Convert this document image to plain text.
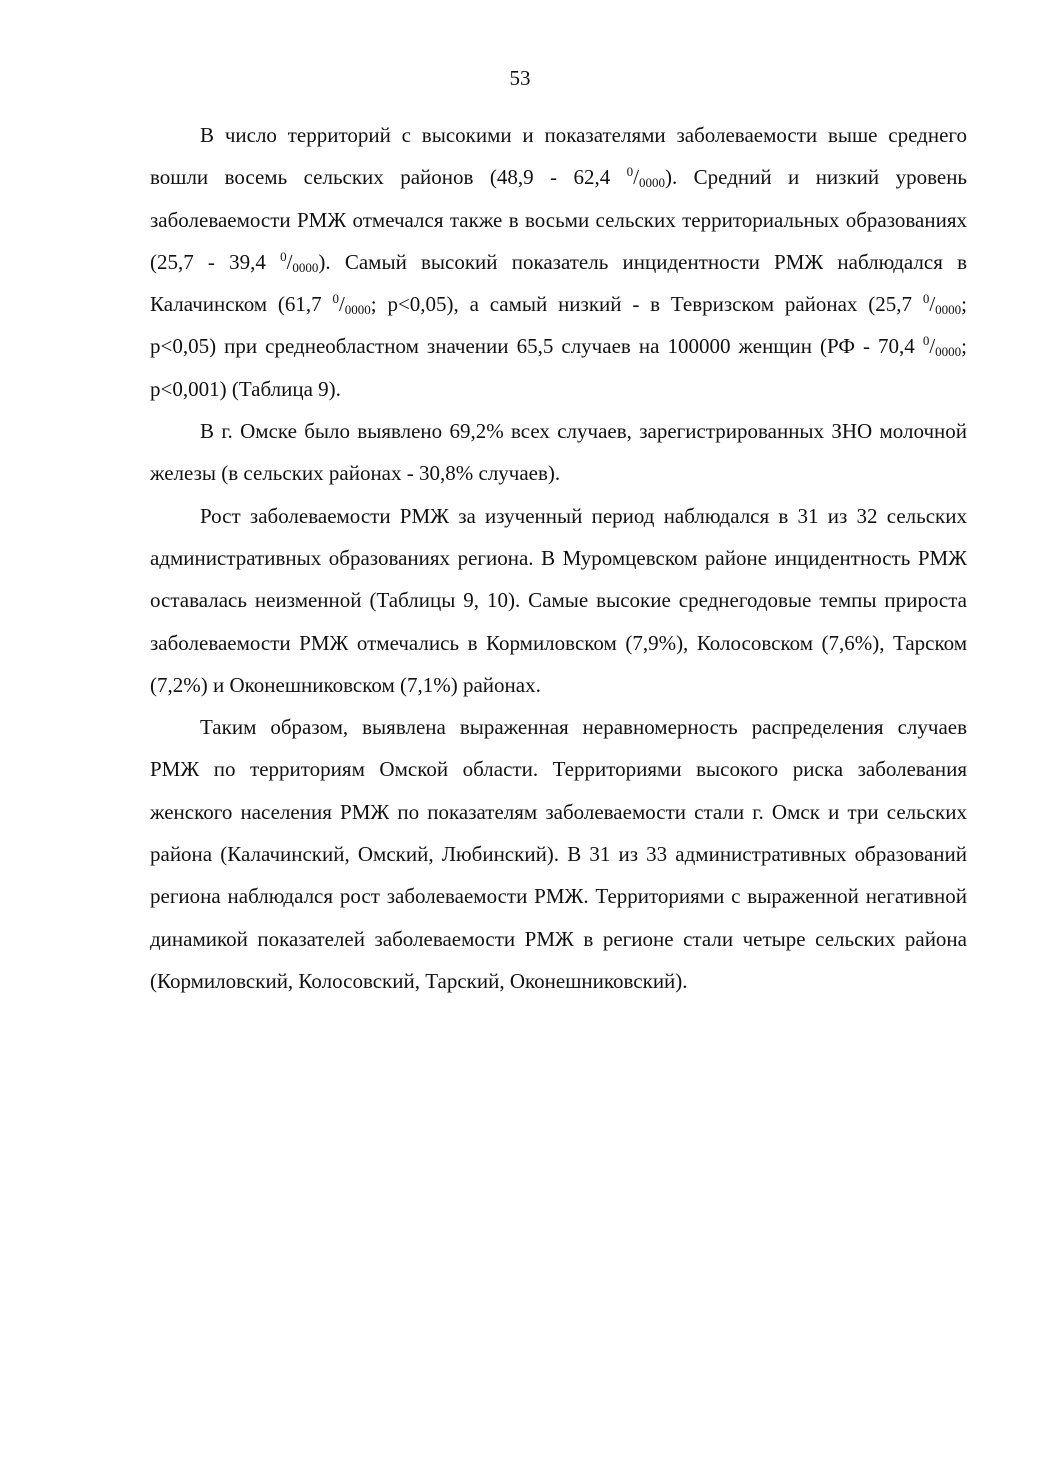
53

В число территорий с высокими и показателями заболеваемости выше среднего вошли восемь сельских районов (48,9 - 62,4 $^0/_{0000}$). Средний и низкий уровень заболеваемости РМЖ отмечался также в восьми сельских территориальных образованиях (25,7 - 39,4 $^0/_{0000}$). Самый высокий показатель инцидентности РМЖ наблюдался в Калачинском (61,7 $^0/_{0000}$; р<0,05), а самый низкий - в Тевризском районах (25,7 $^0/_{0000}$; р<0,05) при среднеобластном значении 65,5 случаев на 100000 женщин (РФ - 70,4 $^0/_{0000}$; р<0,001) (Таблица 9).

В г. Омске было выявлено 69,2% всех случаев, зарегистрированных ЗНО молочной железы (в сельских районах - 30,8% случаев).

Рост заболеваемости РМЖ за изученный период наблюдался в 31 из 32 сельских административных образованиях региона. В Муромцевском районе инцидентность РМЖ оставалась неизменной (Таблицы 9, 10). Самые высокие среднегодовые темпы прироста заболеваемости РМЖ отмечались в Кормиловском (7,9%), Колосовском (7,6%), Тарском (7,2%) и Оконешниковском (7,1%) районах.

Таким образом, выявлена выраженная неравномерность распределения случаев РМЖ по территориям Омской области. Территориями высокого риска заболевания женского населения РМЖ по показателям заболеваемости стали г. Омск и три сельских района (Калачинский, Омский, Любинский). В 31 из 33 административных образований региона наблюдался рост заболеваемости РМЖ. Территориями с выраженной негативной динамикой показателей заболеваемости РМЖ в регионе стали четыре сельских района (Кормиловский, Колосовский, Тарский, Оконешниковский).
